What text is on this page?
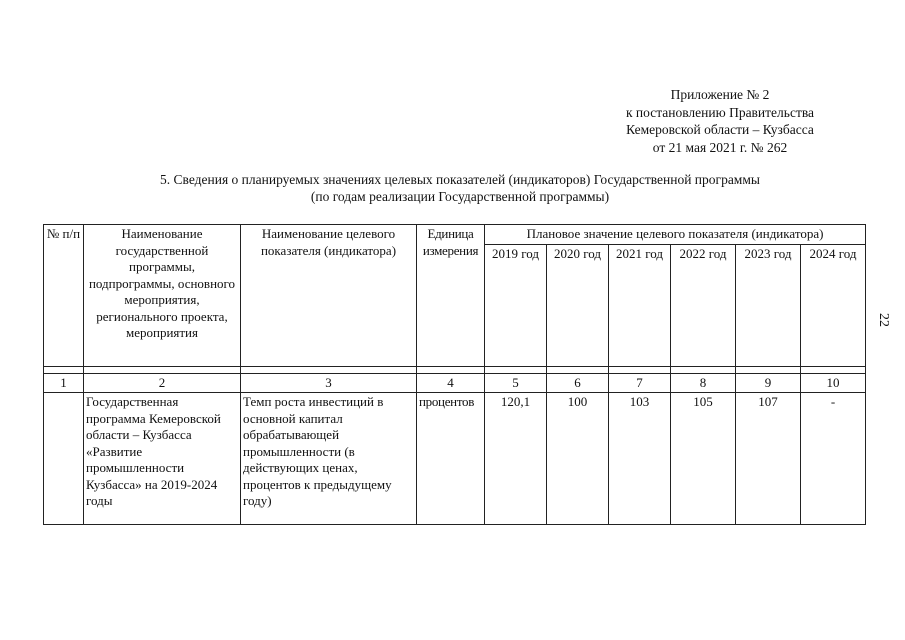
Приложение № 2
к постановлению Правительства
Кемеровской области – Кузбасса
от 21 мая 2021 г. № 262
5. Сведения о планируемых значениях целевых показателей (индикаторов) Государственной программы
(по годам реализации Государственной программы)
22
№ п/п	Наименование государственной программы, подпрограммы, основного мероприятия, регионального проекта, мероприятия	Наименование целевого показателя (индикатора)	Единица измерения	Плановое значение целевого показателя (индикатора)					
				2019 год	2020 год	2021 год	2022 год	2023 год	2024 год

1	2	3	4	5	6	7	8	9	10
	Государственная программа Кемеровской области – Кузбасса «Развитие промышленности Кузбасса» на 2019-2024 годы	Темп роста инвестиций в основной капитал обрабатывающей промышленности (в действующих ценах, процентов к предыдущему году)	процентов	120,1	100	103	105	107	-
